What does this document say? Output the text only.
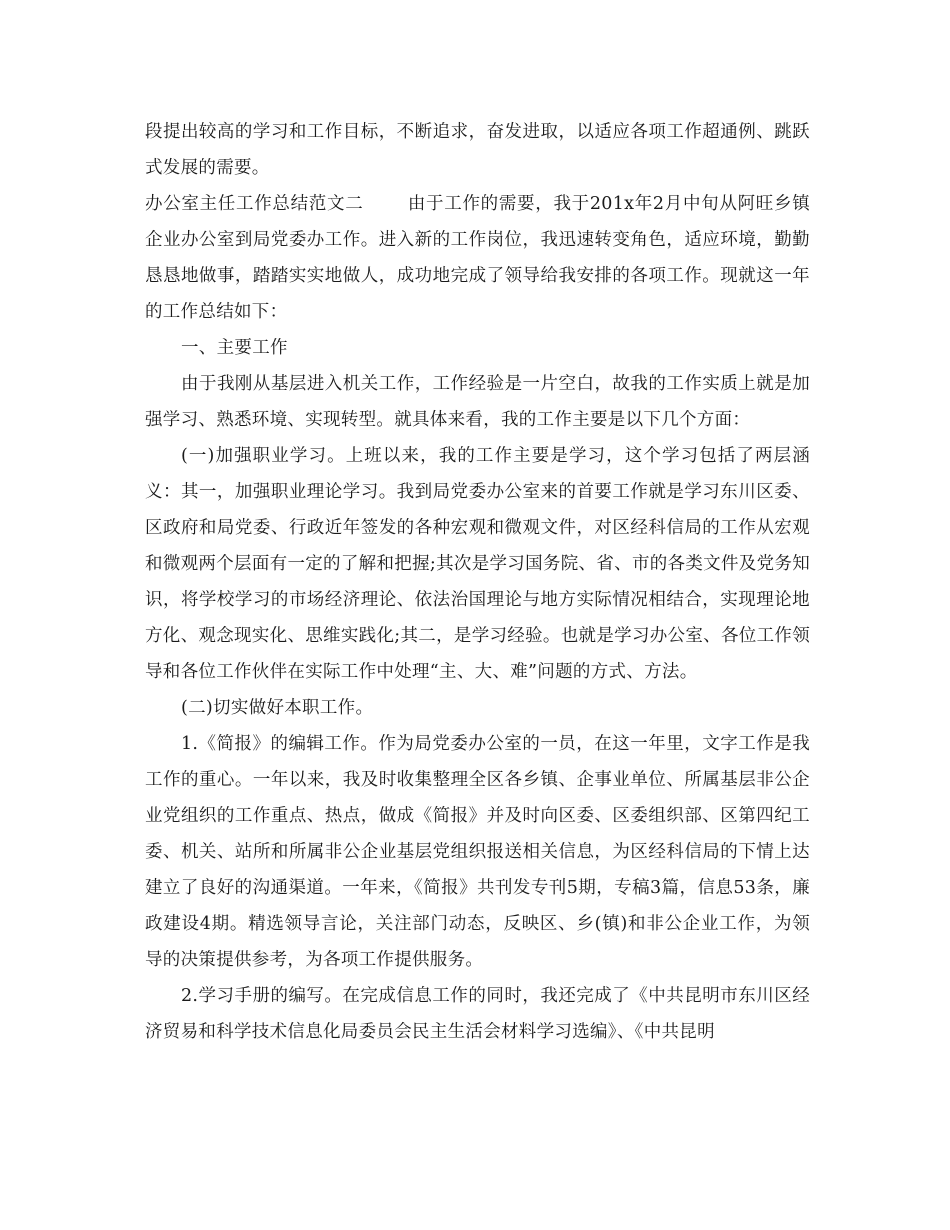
段提出较高的学习和工作目标，不断追求，奋发进取，以适应各项工作超通例、跳跃式发展的需要。

办公室主任工作总结范文二	由于工作的需要，我于201x年2月中旬从阿旺乡镇企业办公室到局党委办工作。进入新的工作岗位，我迅速转变角色，适应环境，勤勤恳恳地做事，踏踏实实地做人，成功地完成了领导给我安排的各项工作。现就这一年的工作总结如下：

一、主要工作

由于我刚从基层进入机关工作，工作经验是一片空白，故我的工作实质上就是加强学习、熟悉环境、实现转型。就具体来看，我的工作主要是以下几个方面：

(一)加强职业学习。上班以来，我的工作主要是学习，这个学习包括了两层涵义：其一，加强职业理论学习。我到局党委办公室来的首要工作就是学习东川区委、区政府和局党委、行政近年签发的各种宏观和微观文件，对区经科信局的工作从宏观和微观两个层面有一定的了解和把握;其次是学习国务院、省、市的各类文件及党务知识，将学校学习的市场经济理论、依法治国理论与地方实际情况相结合，实现理论地方化、观念现实化、思维实践化;其二，是学习经验。也就是学习办公室、各位工作领导和各位工作伙伴在实际工作中处理“主、大、难”问题的方式、方法。

(二)切实做好本职工作。

1.《简报》的编辑工作。作为局党委办公室的一员，在这一年里，文字工作是我工作的重心。一年以来，我及时收集整理全区各乡镇、企事业单位、所属基层非公企业党组织的工作重点、热点，做成《简报》并及时向区委、区委组织部、区第四纪工委、机关、站所和所属非公企业基层党组织报送相关信息，为区经科信局的下情上达建立了良好的沟通渠道。一年来，《简报》共刊发专刊5期，专稿3篇，信息53条，廉政建设4期。精选领导言论，关注部门动态，反映区、乡(镇)和非公企业工作，为领导的决策提供参考，为各项工作提供服务。

2.学习手册的编写。在完成信息工作的同时，我还完成了《中共昆明市东川区经济贸易和科学技术信息化局委员会民主生活会材料学习选编》、《中共昆明
